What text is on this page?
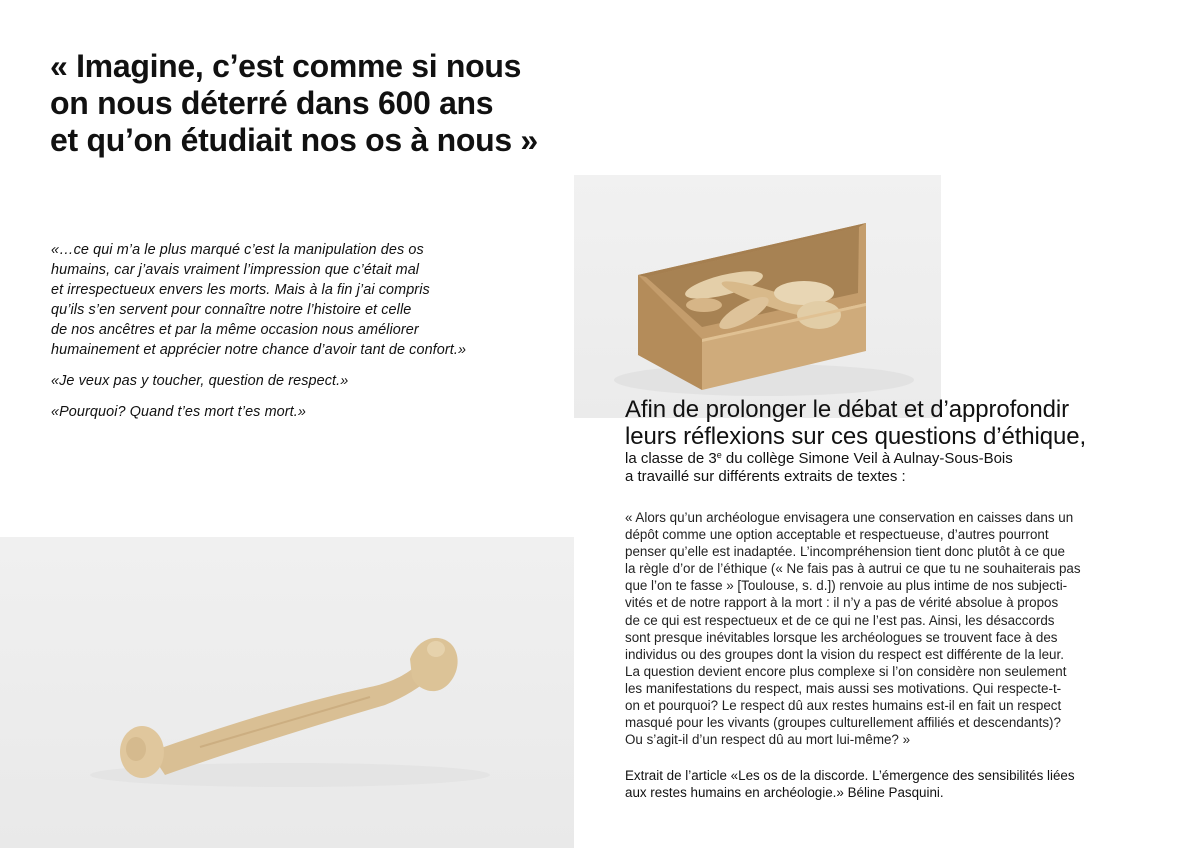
« Imagine, c’est comme si nous
on nous déterré dans 600 ans
et qu’on étudiait nos os à nous »

«…ce qui m’a le plus marqué c’est la manipulation des os
humains, car j’avais vraiment l’impression que c’était mal
et irrespectueux envers les morts. Mais à la fin j’ai compris
qu’ils s’en servent pour connaître notre l’histoire et celle
de nos ancêtres et par la même occasion nous améliorer
humainement et apprécier notre chance d’avoir tant de confort.»

«Je veux pas y toucher, question de respect.»

«Pourquoi? Quand t’es mort t’es mort.»	Afin de prolonger le débat et d’approfondir
leurs réflexions sur ces questions d’éthique,
la classe de 3e du collège Simone Veil à Aulnay-Sous-Bois
a travaillé sur différents extraits de textes :
« Alors qu’un archéologue envisagera une conservation en caisses dans un
dépôt comme une option acceptable et respectueuse, d’autres pourront
penser qu’elle est inadaptée. L’incompréhension tient donc plutôt à ce que
la règle d’or de l’éthique (« Ne fais pas à autrui ce que tu ne souhaiterais pas
que l’on te fasse » [Toulouse, s. d.]) renvoie au plus intime de nos subjecti-
vités et de notre rapport à la mort : il n’y a pas de vérité absolue à propos
de ce qui est respectueux et de ce qui ne l’est pas. Ainsi, les désaccords
sont presque inévitables lorsque les archéologues se trouvent face à des
individus ou des groupes dont la vision du respect est différente de la leur.
La question devient encore plus complexe si l’on considère non seulement
les manifestations du respect, mais aussi ses motivations. Qui respecte-t-
on et pourquoi? Le respect dû aux restes humains est-il en fait un respect
masqué pour les vivants (groupes culturellement affiliés et descendants)?
Ou s’agit-il d’un respect dû au mort lui-même? »
Extrait de l’article «Les os de la discorde. L’émergence des sensibilités liées
aux restes humains en archéologie.» Béline Pasquini.
